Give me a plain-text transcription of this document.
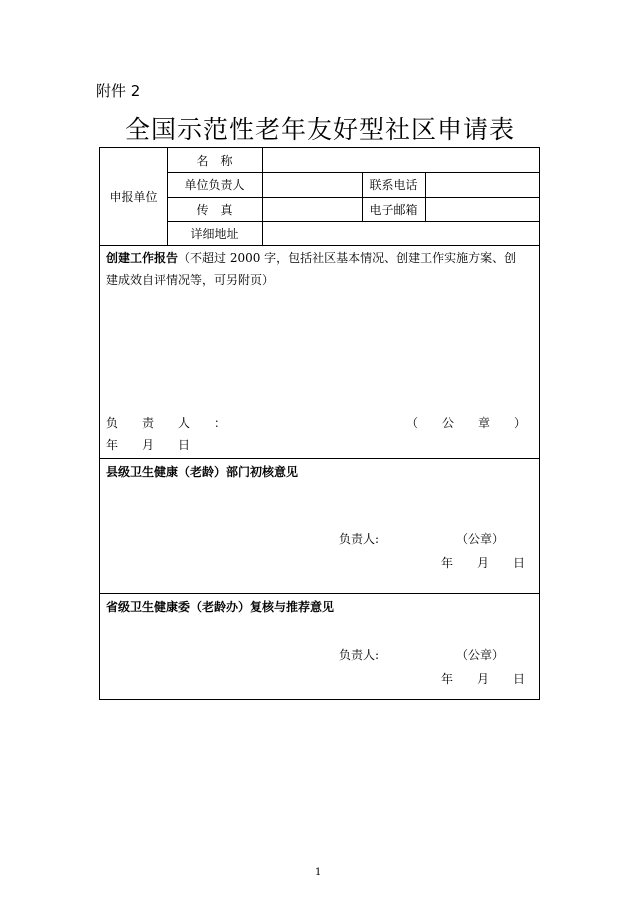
附件 2
全国示范性老年友好型社区申请表
申报单位
名　称
单位负责人	联系电话
传　真	电子邮箱
详细地址
创建工作报告（不超过 2000 字，包括社区基本情况、创建工作实施方案、创
建成效自评情况等，可另附页）
负　　责　　人　　：	（　　公　　章　　）
年　　月　　日
县级卫生健康（老龄）部门初核意见
负责人:	（公章）
年　　月　　日
省级卫生健康委（老龄办）复核与推荐意见
负责人:	（公章）
年　　月　　日
1
